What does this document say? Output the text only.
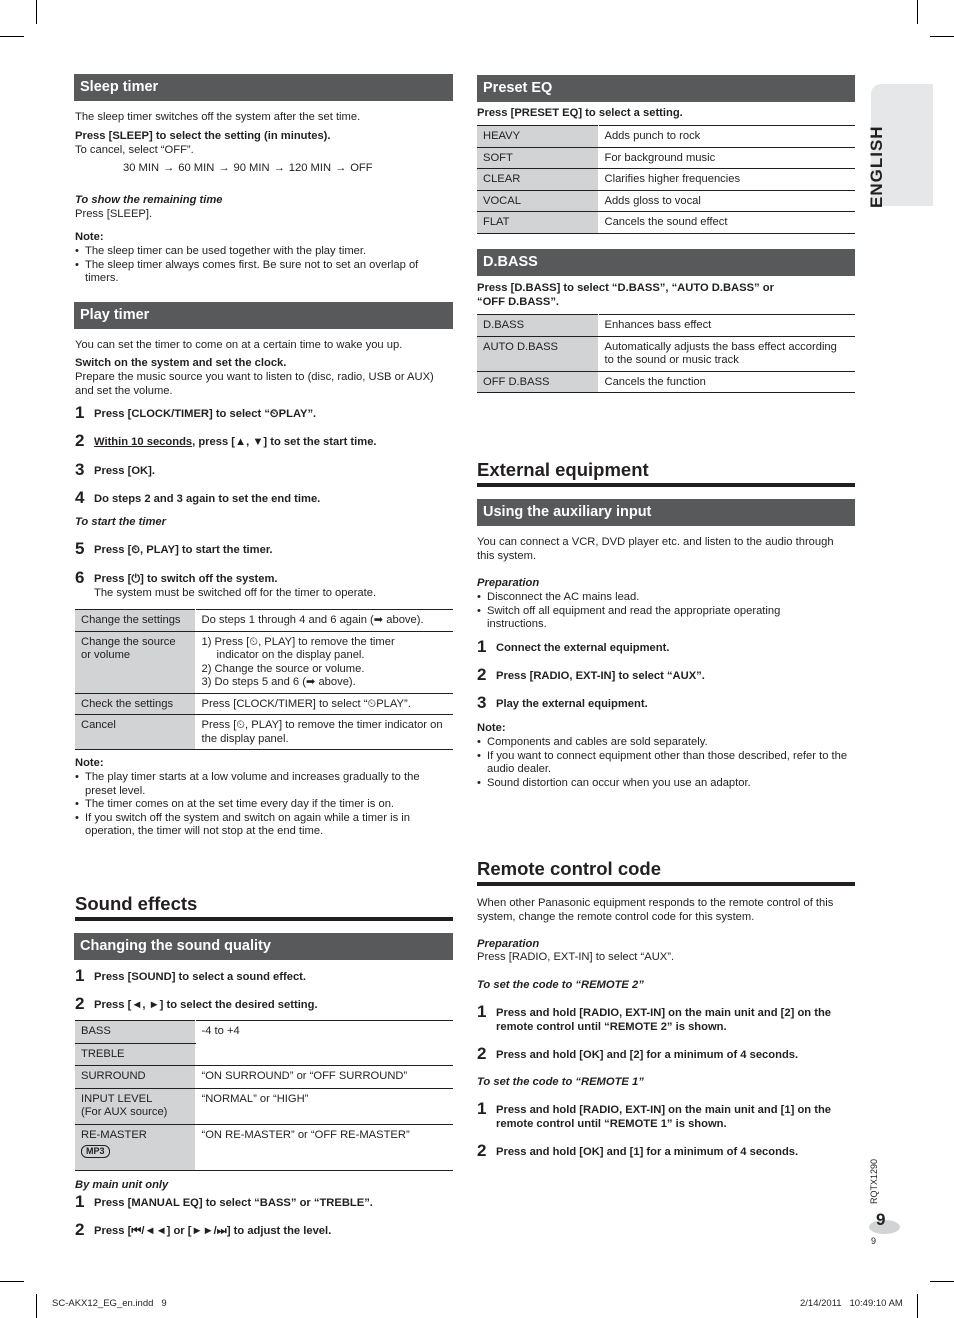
ENGLISH
Sleep timer
The sleep timer switches off the system after the set time.
Press [SLEEP] to select the setting (in minutes).
To cancel, select “OFF”.
30 MIN → 60 MIN → 90 MIN → 120 MIN → OFF
To show the remaining time
Press [SLEEP].
Note:
• The sleep timer can be used together with the play timer.
• The sleep timer always comes first. Be sure not to set an overlap of timers.
Play timer
You can set the timer to come on at a certain time to wake you up.
Switch on the system and set the clock.
Prepare the music source you want to listen to (disc, radio, USB or AUX) and set the volume.
1 Press [CLOCK/TIMER] to select “⏲PLAY”.
2 Within 10 seconds, press [▲, ▼] to set the start time.
3 Press [OK].
4 Do steps 2 and 3 again to set the end time.
To start the timer
5 Press [⏲, PLAY] to start the timer.
6 Press [⏻] to switch off the system.
The system must be switched off for the timer to operate.
Change the settings	Do steps 1 through 4 and 6 again (➡ above).
Change the source or volume	1) Press [⏲, PLAY] to remove the timer
indicator on the display panel.
2) Change the source or volume.
3) Do steps 5 and 6 (➡ above).

Check the settings	Press [CLOCK/TIMER] to select “⏲PLAY”.
Cancel	Press [⏲, PLAY] to remove the timer indicator on the display panel.
Note:
• The play timer starts at a low volume and increases gradually to the preset level.
• The timer comes on at the set time every day if the timer is on.
• If you switch off the system and switch on again while a timer is in operation, the timer will not stop at the end time.
Sound effects
Changing the sound quality
1 Press [SOUND] to select a sound effect.
2 Press [◄, ►] to select the desired setting.
BASS	-4 to +4
TREBLE	
SURROUND	“ON SURROUND” or “OFF SURROUND”

INPUT LEVEL
(For AUX source)	“NORMAL” or “HIGH”

RE-MASTER
MP3	“ON RE-MASTER” or “OFF RE-MASTER”
By main unit only
1 Press [MANUAL EQ] to select “BASS” or “TREBLE”.
2 Press [⏮/◄◄] or [►►/⏭] to adjust the level.
Preset EQ
Press [PRESET EQ] to select a setting.
HEAVY	Adds punch to rock
SOFT	For background music
CLEAR	Clarifies higher frequencies
VOCAL	Adds gloss to vocal
FLAT	Cancels the sound effect
D.BASS
Press [D.BASS] to select “D.BASS”, “AUTO D.BASS” or
“OFF D.BASS”.
D.BASS	Enhances bass effect
AUTO D.BASS	Automatically adjusts the bass effect according to the sound or music track
OFF D.BASS	Cancels the function
External equipment
Using the auxiliary input
You can connect a VCR, DVD player etc. and listen to the audio through this system.
Preparation
• Disconnect the AC mains lead.
• Switch off all equipment and read the appropriate operating instructions.
1 Connect the external equipment.
2 Press [RADIO, EXT-IN] to select “AUX”.
3 Play the external equipment.
Note:
• Components and cables are sold separately.
• If you want to connect equipment other than those described, refer to the audio dealer.
• Sound distortion can occur when you use an adaptor.
Remote control code
When other Panasonic equipment responds to the remote control of this system, change the remote control code for this system.
Preparation
Press [RADIO, EXT-IN] to select “AUX”.
To set the code to “REMOTE 2”
1 Press and hold [RADIO, EXT-IN] on the main unit and [2] on the remote control until “REMOTE 2” is shown.
2 Press and hold [OK] and [2] for a minimum of 4 seconds.
To set the code to “REMOTE 1”
1 Press and hold [RADIO, EXT-IN] on the main unit and [1] on the remote control until “REMOTE 1” is shown.
2 Press and hold [OK] and [1] for a minimum of 4 seconds.
RQTX1290
9
9
SC-AKX12_EG_en.indd   9	2/14/2011   10:49:10 AM
